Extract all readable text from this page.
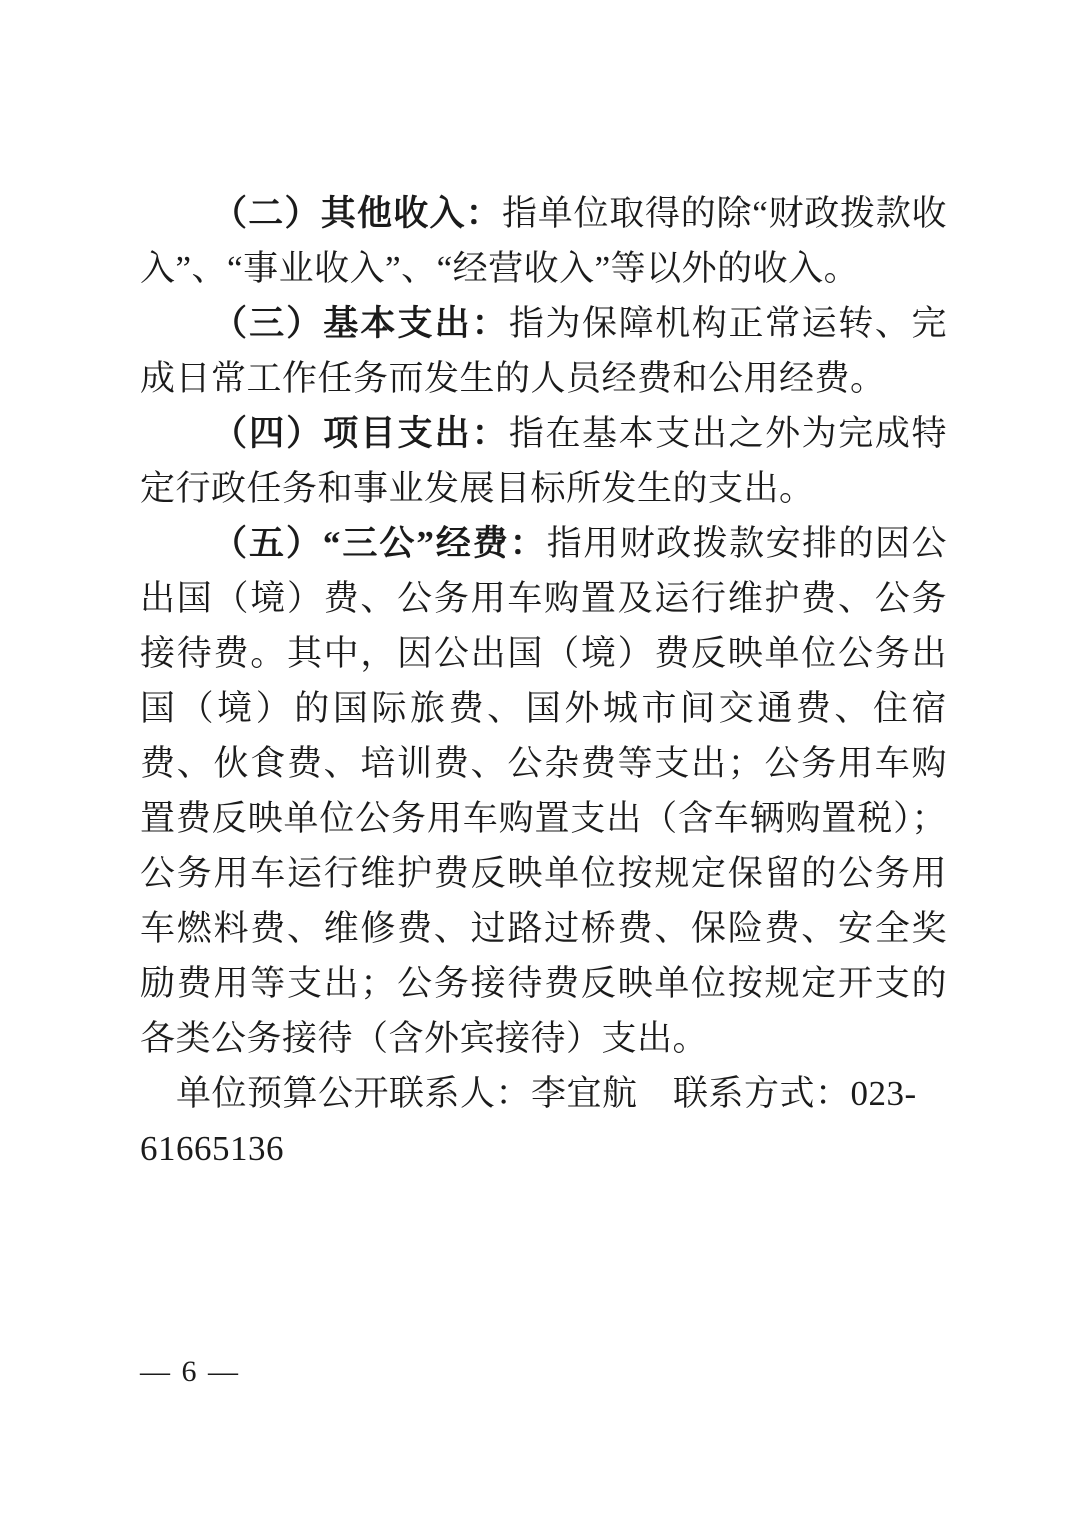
（二）其他收入：指单位取得的除“财政拨款收入”、“事业收入”、“经营收入”等以外的收入。

（三）基本支出：指为保障机构正常运转、完成日常工作任务而发生的人员经费和公用经费。

（四）项目支出：指在基本支出之外为完成特定行政任务和事业发展目标所发生的支出。

（五）“三公”经费：指用财政拨款安排的因公出国（境）费、公务用车购置及运行维护费、公务接待费。其中，因公出国（境）费反映单位公务出国（境）的国际旅费、国外城市间交通费、住宿费、伙食费、培训费、公杂费等支出；公务用车购置费反映单位公务用车购置支出（含车辆购置税）；公务用车运行维护费反映单位按规定保留的公务用车燃料费、维修费、过路过桥费、保险费、安全奖励费用等支出；公务接待费反映单位按规定开支的各类公务接待（含外宾接待）支出。

单位预算公开联系人：李宜航　联系方式：023-61665136

— 6 —
